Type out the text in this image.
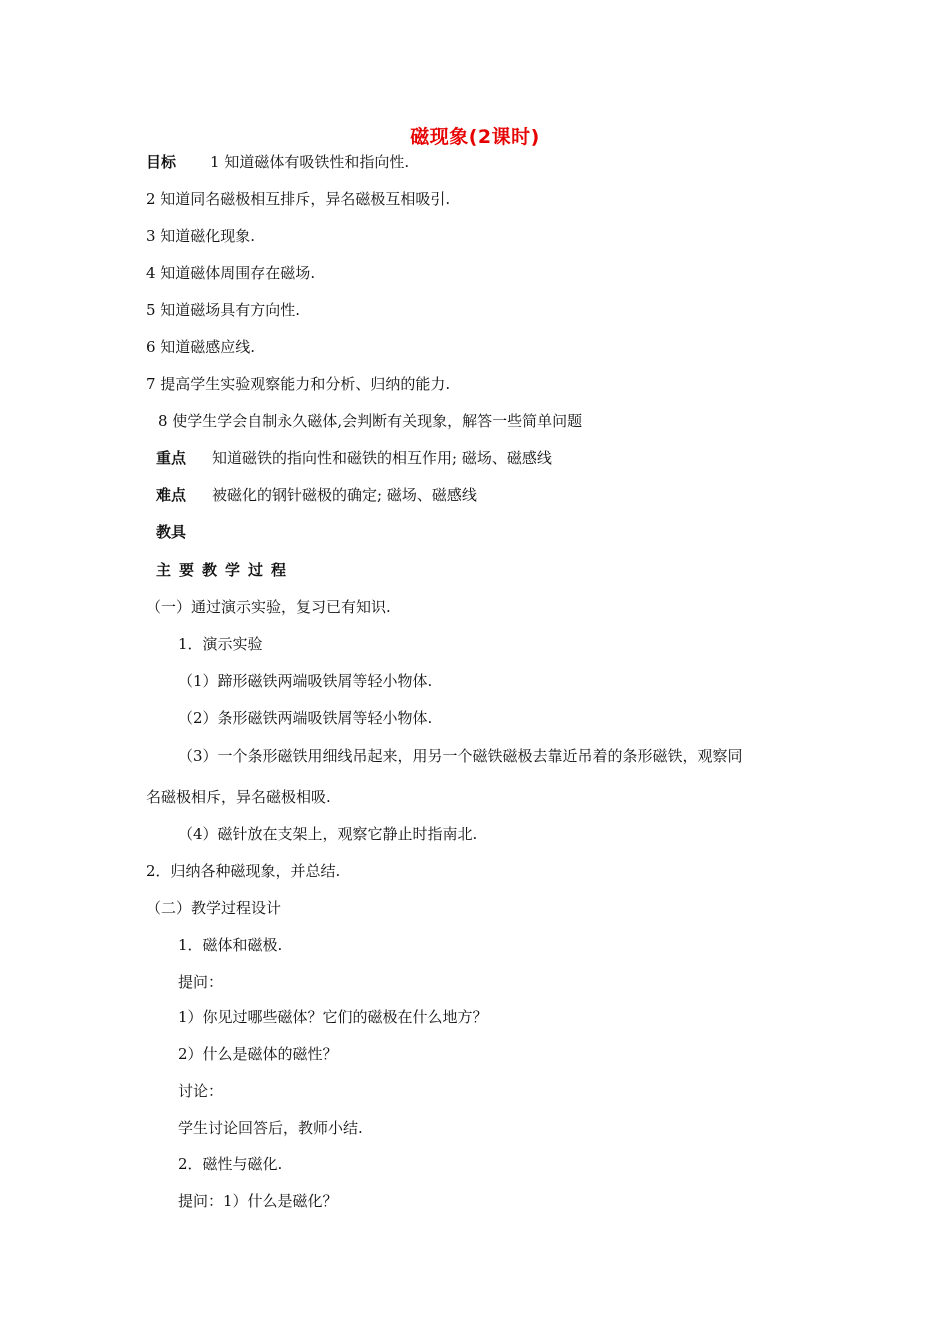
磁现象(2课时)
目标 1 知道磁体有吸铁性和指向性.
2 知道同名磁极相互排斥，异名磁极互相吸引.
3 知道磁化现象.
4 知道磁体周围存在磁场.
5 知道磁场具有方向性.
6 知道磁感应线.
7 提高学生实验观察能力和分析、归纳的能力.
8 使学生学会自制永久磁体,会判断有关现象，解答一些简单问题
重点 知道磁铁的指向性和磁铁的相互作用; 磁场、磁感线
难点 被磁化的钢针磁极的确定; 磁场、磁感线
教具
主要教学过程
（一）通过演示实验，复习已有知识.
1．演示实验
（1）蹄形磁铁两端吸铁屑等轻小物体.
（2）条形磁铁两端吸铁屑等轻小物体.
（3）一个条形磁铁用细线吊起来，用另一个磁铁磁极去靠近吊着的条形磁铁，观察同
名磁极相斥，异名磁极相吸.
（4）磁针放在支架上，观察它静止时指南北.
2．归纳各种磁现象，并总结.
（二）教学过程设计
1．磁体和磁极.
提问：
1）你见过哪些磁体？它们的磁极在什么地方？
2）什么是磁体的磁性？
讨论：
学生讨论回答后，教师小结.
2．磁性与磁化.
提问：1）什么是磁化？
